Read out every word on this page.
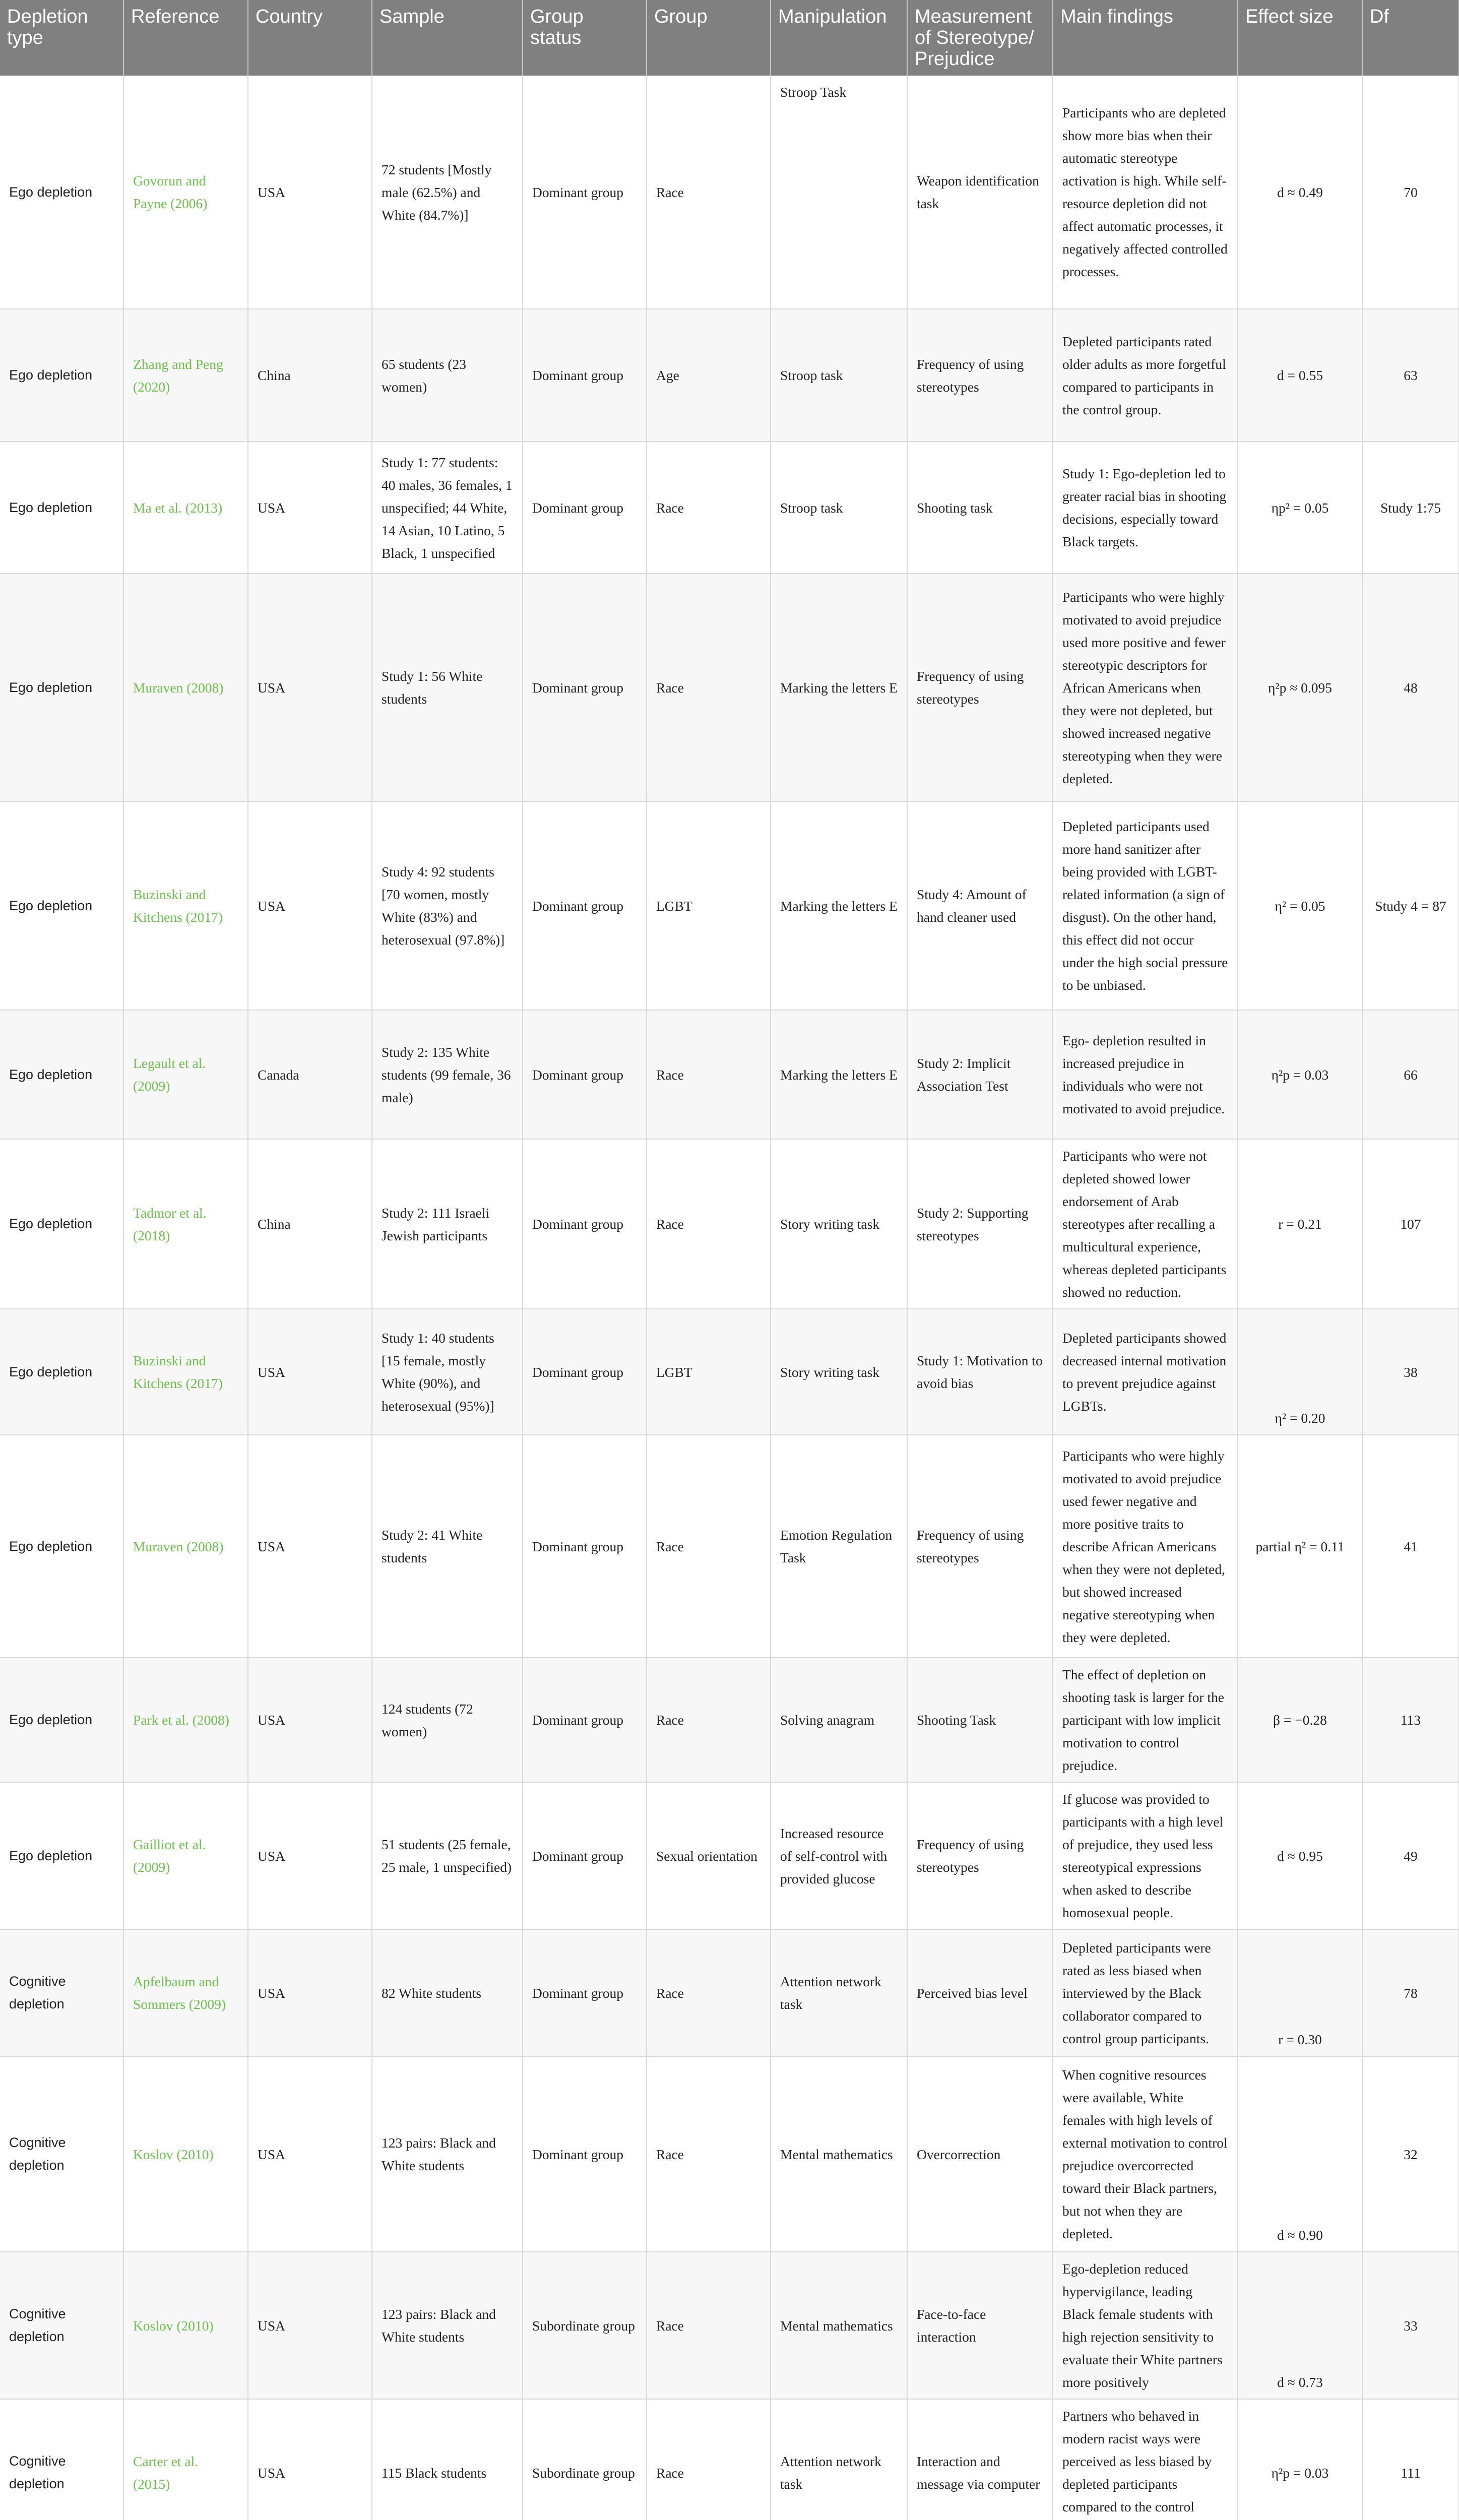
Depletion type	Reference	Country	Sample	Group status	Group	Manipulation	Measurement of Stereotype/ Prejudice	Main findings	Effect size	Df
Ego depletion	Govorun and Payne (2006)	USA	72 students [Mostly male (62.5%) and White (84.7%)]	Dominant group	Race	Stroop Task	Weapon identification task	Participants who are depleted show more bias when their automatic stereotype activation is high. While self-resource depletion did not affect automatic processes, it negatively affected controlled processes.	d ≈ 0.49	70
Ego depletion	Zhang and Peng (2020)	China	65 students (23 women)	Dominant group	Age	Stroop task	Frequency of using stereotypes	Depleted participants rated older adults as more forgetful compared to participants in the control group.	d = 0.55	63
Ego depletion	Ma et al. (2013)	USA	Study 1: 77 students: 40 males, 36 females, 1 unspecified; 44 White, 14 Asian, 10 Latino, 5 Black, 1 unspecified	Dominant group	Race	Stroop task	Shooting task	Study 1: Ego-depletion led to greater racial bias in shooting decisions, especially toward Black targets.	ηp² = 0.05	Study 1:75
Ego depletion	Muraven (2008)	USA	Study 1: 56 White students	Dominant group	Race	Marking the letters E	Frequency of using stereotypes	Participants who were highly motivated to avoid prejudice used more positive and fewer stereotypic descriptors for African Americans when they were not depleted, but showed increased negative stereotyping when they were depleted.	η²p ≈ 0.095	48
Ego depletion	Buzinski and Kitchens (2017)	USA	Study 4: 92 students [70 women, mostly White (83%) and heterosexual (97.8%)]	Dominant group	LGBT	Marking the letters E	Study 4: Amount of hand cleaner used	Depleted participants used more hand sanitizer after being provided with LGBT-related information (a sign of disgust). On the other hand, this effect did not occur under the high social pressure to be unbiased.	η² = 0.05	Study 4 = 87
Ego depletion	Legault et al. (2009)	Canada	Study 2: 135 White students (99 female, 36 male)	Dominant group	Race	Marking the letters E	Study 2: Implicit Association Test	Ego- depletion resulted in increased prejudice in individuals who were not motivated to avoid prejudice.	η²p = 0.03	66
Ego depletion	Tadmor et al. (2018)	China	Study 2: 111 Israeli Jewish participants	Dominant group	Race	Story writing task	Study 2: Supporting stereotypes	Participants who were not depleted showed lower endorsement of Arab stereotypes after recalling a multicultural experience, whereas depleted participants showed no reduction.	r = 0.21	107
Ego depletion	Buzinski and Kitchens (2017)	USA	Study 1: 40 students [15 female, mostly White (90%), and heterosexual (95%)]	Dominant group	LGBT	Story writing task	Study 1: Motivation to avoid bias	Depleted participants showed decreased internal motivation to prevent prejudice against LGBTs.	η² = 0.20	38
Ego depletion	Muraven (2008)	USA	Study 2: 41 White students	Dominant group	Race	Emotion Regulation Task	Frequency of using stereotypes	Participants who were highly motivated to avoid prejudice used fewer negative and more positive traits to describe African Americans when they were not depleted, but showed increased negative stereotyping when they were depleted.	partial η² = 0.11	41
Ego depletion	Park et al. (2008)	USA	124 students (72 women)	Dominant group	Race	Solving anagram	Shooting Task	The effect of depletion on shooting task is larger for the participant with low implicit motivation to control prejudice.	β = −0.28	113
Ego depletion	Gailliot et al. (2009)	USA	51 students (25 female, 25 male, 1 unspecified)	Dominant group	Sexual orientation	Increased resource of self-control with provided glucose	Frequency of using stereotypes	If glucose was provided to participants with a high level of prejudice, they used less stereotypical expressions when asked to describe homosexual people.	d ≈ 0.95	49
Cognitive depletion	Apfelbaum and Sommers (2009)	USA	82 White students	Dominant group	Race	Attention network task	Perceived bias level	Depleted participants were rated as less biased when interviewed by the Black collaborator compared to control group participants.	r = 0.30	78
Cognitive depletion	Koslov (2010)	USA	123 pairs: Black and White students	Dominant group	Race	Mental mathematics	Overcorrection	When cognitive resources were available, White females with high levels of external motivation to control prejudice overcorrected toward their Black partners, but not when they are depleted.	d ≈ 0.90	32
Cognitive depletion	Koslov (2010)	USA	123 pairs: Black and White students	Subordinate group	Race	Mental mathematics	Face-to-face interaction	Ego-depletion reduced hypervigilance, leading Black female students with high rejection sensitivity to evaluate their White partners more positively	d ≈ 0.73	33
Cognitive depletion	Carter et al. (2015)	USA	115 Black students	Subordinate group	Race	Attention network task	Interaction and message via computer	Partners who behaved in modern racist ways were perceived as less biased by depleted participants compared to the control	η²p = 0.03	111
